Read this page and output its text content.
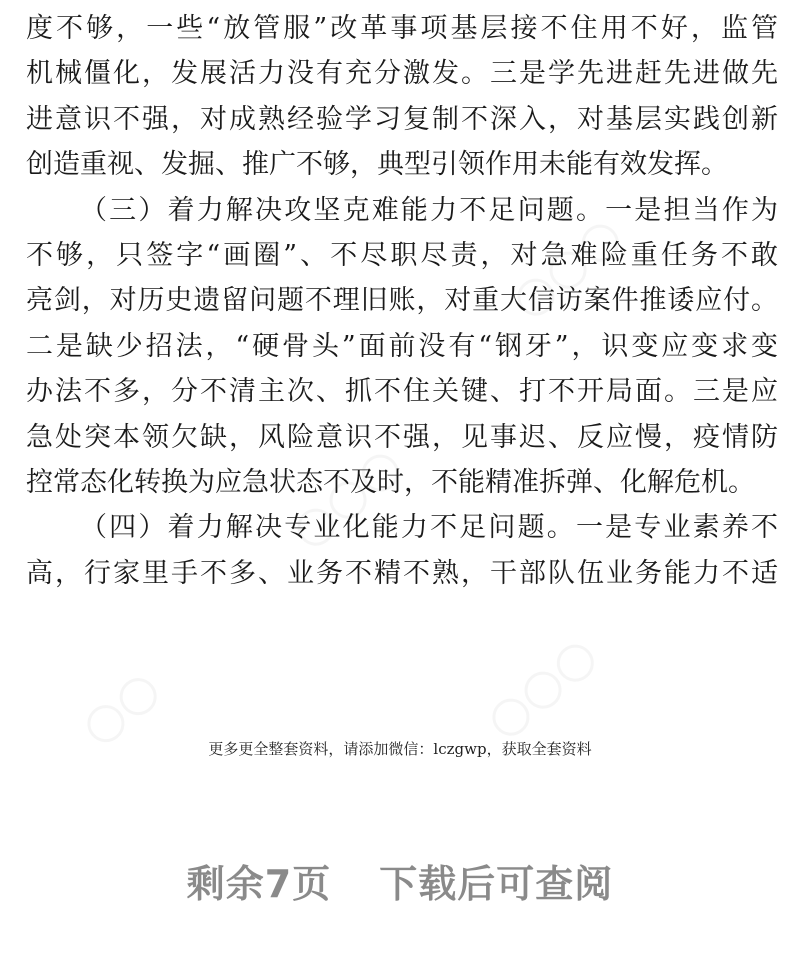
〇〇〇
〇〇〇
〇〇	〇〇〇
度不够，一些“放管服”改革事项基层接不住用不好，监管
机械僵化，发展活力没有充分激发。三是学先进赶先进做先
进意识不强，对成熟经验学习复制不深入，对基层实践创新
创造重视、发掘、推广不够，典型引领作用未能有效发挥。
（三）着力解决攻坚克难能力不足问题。一是担当作为
不够，只签字“画圈”、不尽职尽责，对急难险重任务不敢
亮剑，对历史遗留问题不理旧账，对重大信访案件推诿应付。
二是缺少招法，“硬骨头”面前没有“钢牙”，识变应变求变
办法不多，分不清主次、抓不住关键、打不开局面。三是应
急处突本领欠缺，风险意识不强，见事迟、反应慢，疫情防
控常态化转换为应急状态不及时，不能精准拆弹、化解危机。
（四）着力解决专业化能力不足问题。一是专业素养不
高，行家里手不多、业务不精不熟，干部队伍业务能力不适
更多更全整套资料，请添加微信：lczgwp，获取全套资料
剩余7页 下载后可查阅
